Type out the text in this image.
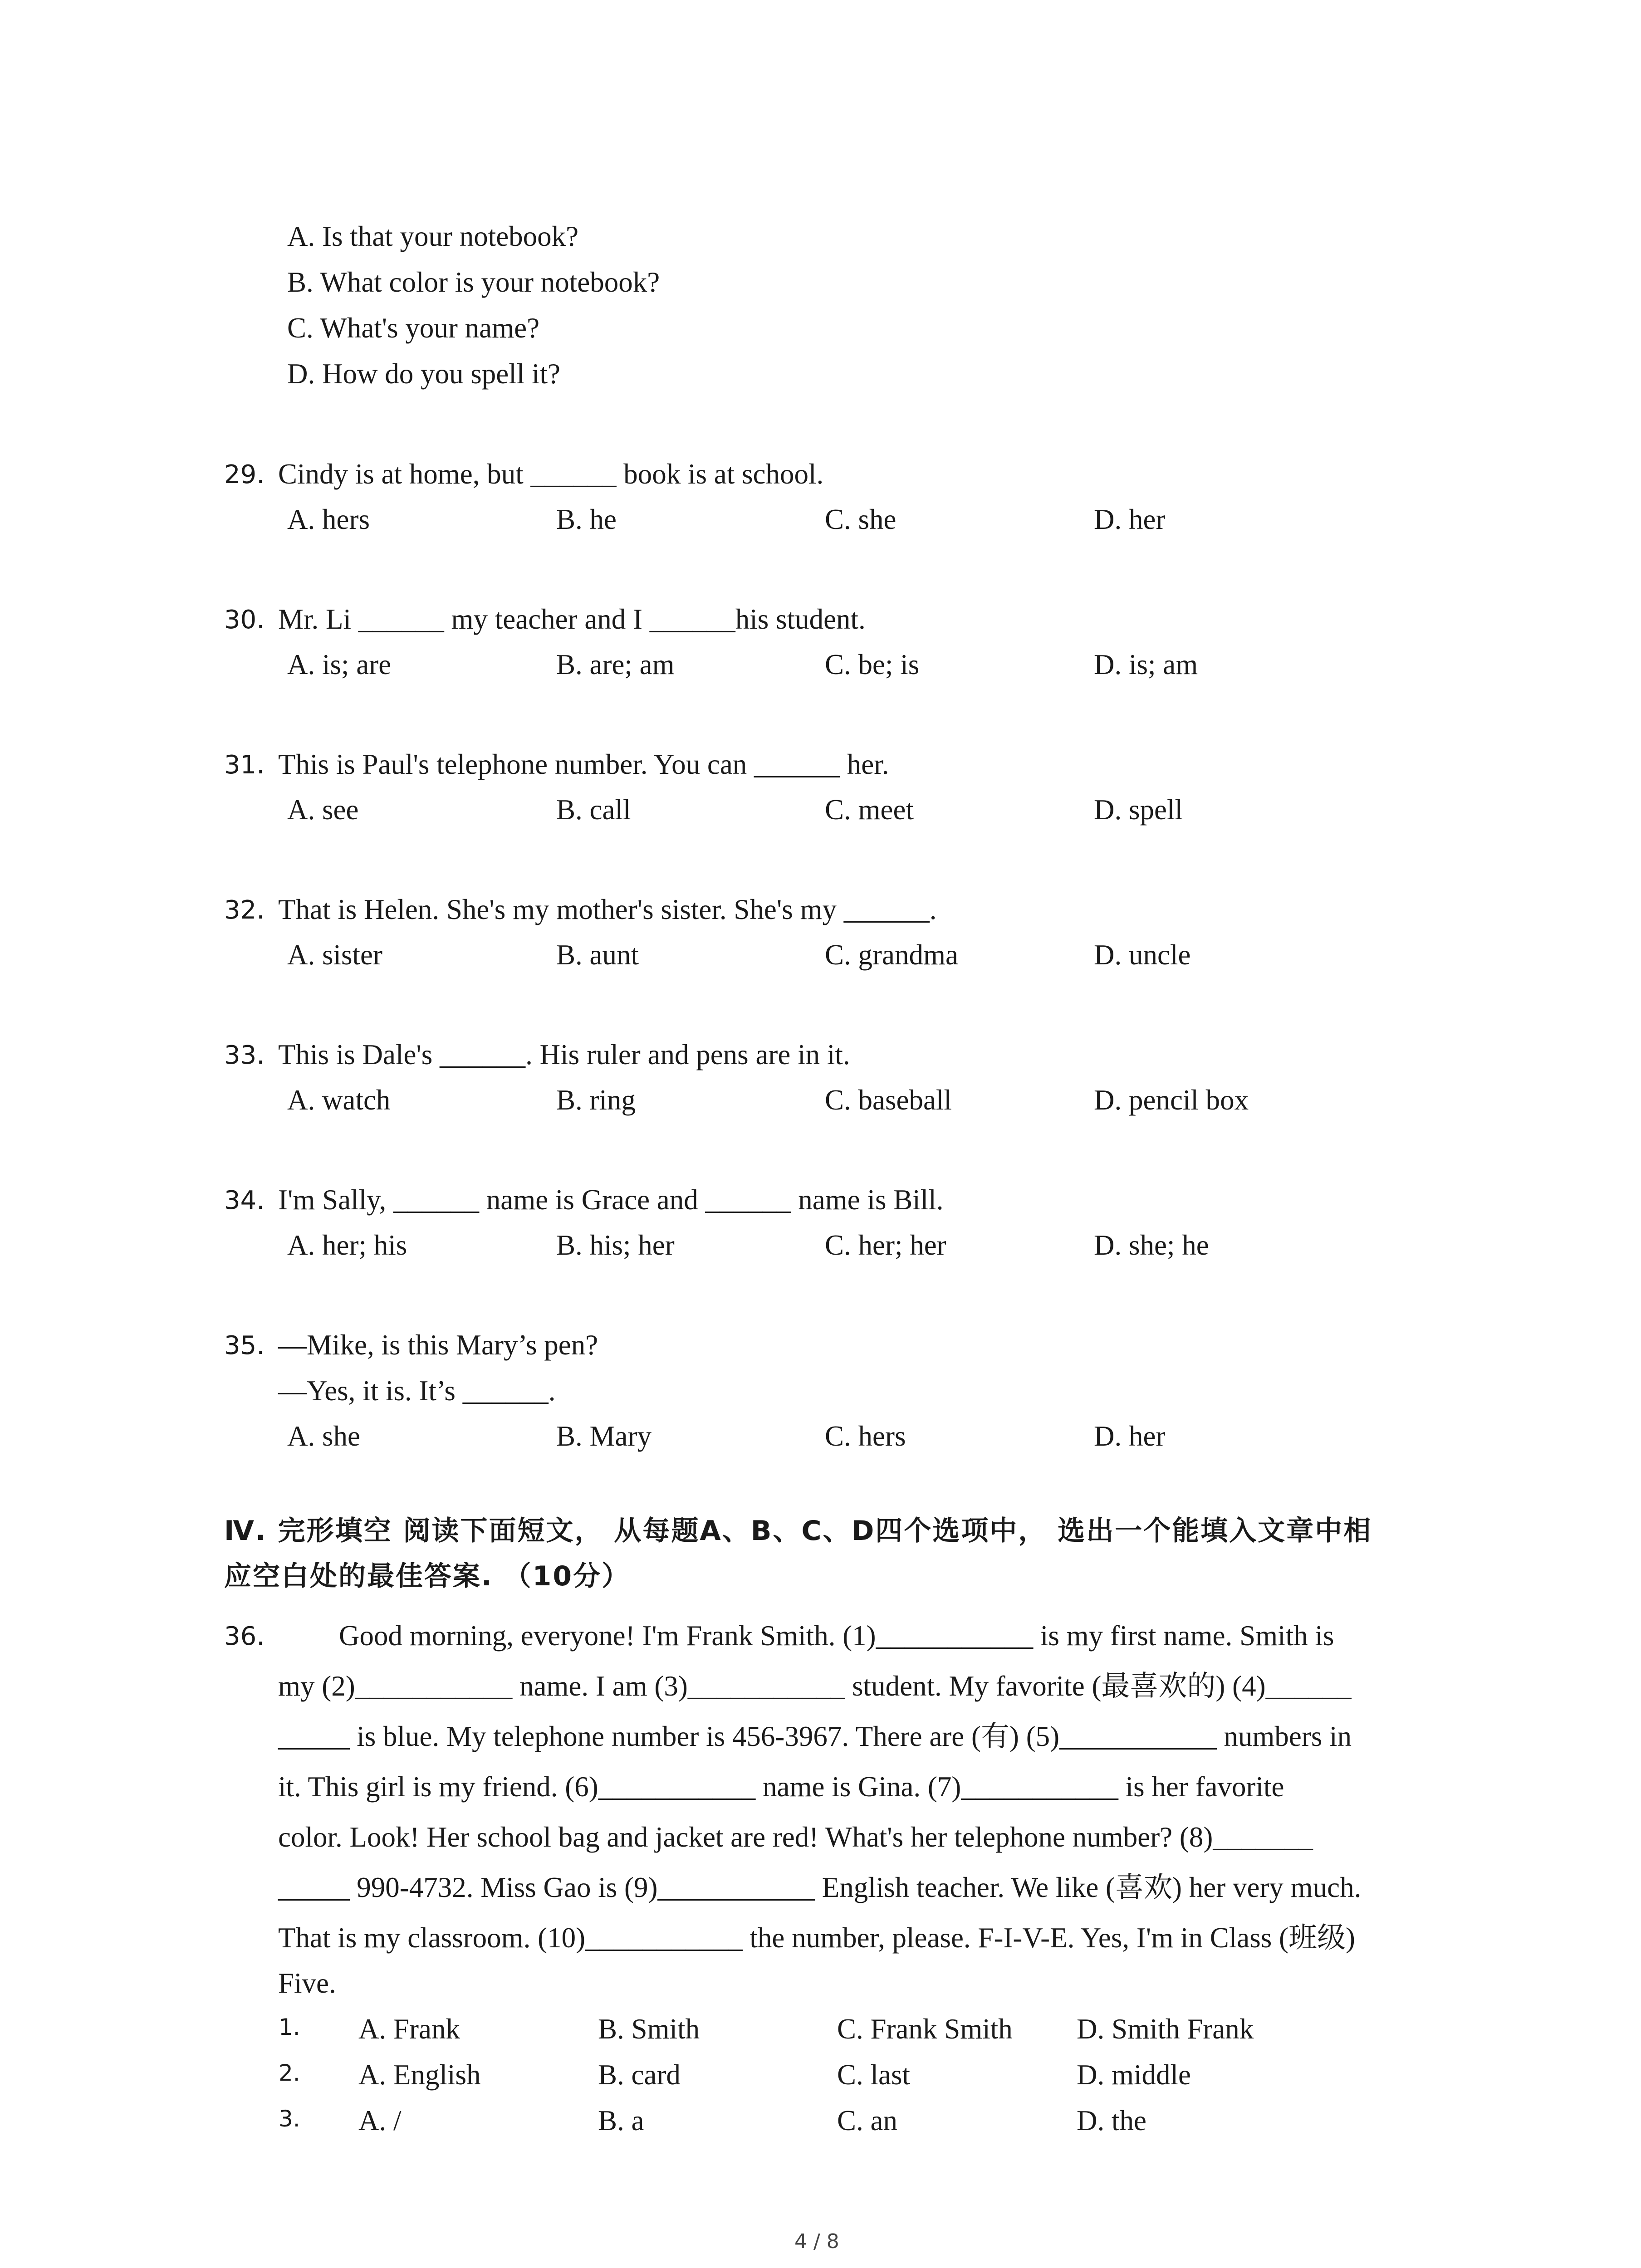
A. Is that your notebook?
B. What color is your notebook?
C. What's your name?
D. How do you spell it?
29. Cindy is at home, but ______ book is at school.
A. hers	B. he	C. she	D. her
30. Mr. Li ______ my teacher and I ______his student.
A. is; are	B. are; am	C. be; is	D. is; am
31. This is Paul's telephone number. You can ______ her.
A. see	B. call	C. meet	D. spell
32. That is Helen. She's my mother's sister. She's my ______.
A. sister	B. aunt	C. grandma	D. uncle
33. This is Dale's ______. His ruler and pens are in it.
A. watch	B. ring	C. baseball	D. pencil box
34. I'm Sally, ______ name is Grace and ______ name is Bill.
A. her; his	B. his; her	C. her; her	D. she; he
35. —Mike, is this Mary’s pen?
—Yes, it is. It’s ______.
A. she	B. Mary	C. hers	D. her
Ⅳ. 完形填空 阅读下面短文， 从每题A、B、C、D四个选项中， 选出一个能填入文章中相
应空白处的最佳答案. （10分）
36.	Good morning, everyone! I'm Frank Smith. (1)___________ is my first name. Smith is
my (2)___________ name. I am (3)___________ student. My favorite (最喜欢的) (4)______
_____ is blue. My telephone number is 456-3967. There are (有) (5)___________ numbers in
it. This girl is my friend. (6)___________ name is Gina. (7)___________ is her favorite
color. Look! Her school bag and jacket are red! What's her telephone number? (8)_______
_____ 990-4732. Miss Gao is (9)___________ English teacher. We like (喜欢) her very much.
That is my classroom. (10)___________ the number, please. F-I-V-E. Yes, I'm in Class (班级)
Five.
1. A. Frank	B. Smith	C. Frank Smith D. Smith Frank
2. A. English	B. card	C. last	D. middle
3. A. /	B. a	C. an	D. the
4 / 8
